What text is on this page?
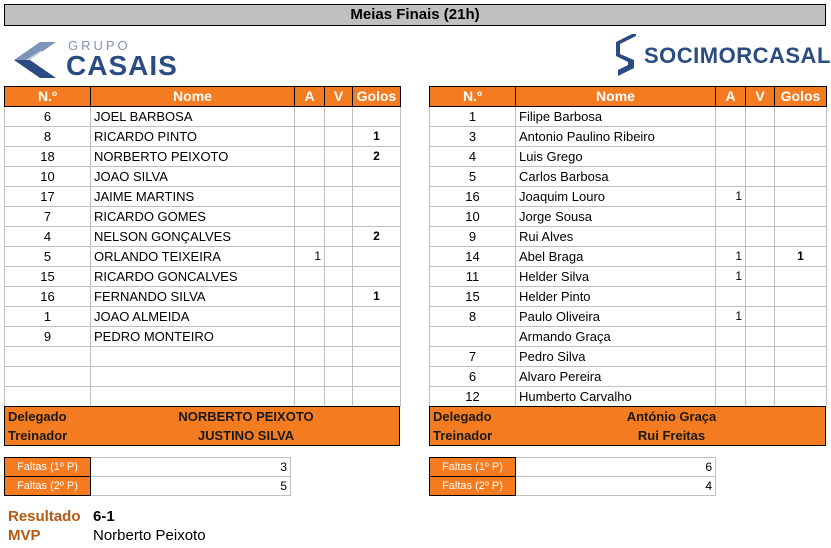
Meias Finais (21h)
GRUPO
CASAIS	SOCIMORCASAL
N.º	Nome	A	V	Golos
6	JOEL BARBOSA			
8	RICARDO PINTO			1
18	NORBERTO PEIXOTO			2
10	JOAO SILVA			
17	JAIME MARTINS			
7	RICARDO GOMES			
4	NELSON GONÇALVES			2
5	ORLANDO TEIXEIRA	1		
15	RICARDO GONCALVES			
16	FERNANDO SILVA			1
1	JOAO ALMEIDA			
9	PEDRO MONTEIRO			

Delegado	NORBERTO PEIXOTO
Treinador	JUSTINO SILVA
Faltas (1º P)	3
Faltas (2º P)	5
N.º	Nome	A	V	Golos
1	Filipe Barbosa			
3	Antonio Paulino Ribeiro			
4	Luis Grego			
5	Carlos Barbosa			
16	Joaquim Louro	1		
10	Jorge Sousa			
9	Rui Alves			
14	Abel Braga	1		1
11	Helder Silva	1		
15	Helder Pinto			
8	Paulo Oliveira	1		
	Armando Graça			
7	Pedro Silva			
6	Alvaro Pereira			
12	Humberto Carvalho			
Delegado	António Graça
Treinador	Rui Freitas
Faltas (1º P)	6
Faltas (2º P)	4
Resultado 6-1
MVP	Norberto Peixoto
